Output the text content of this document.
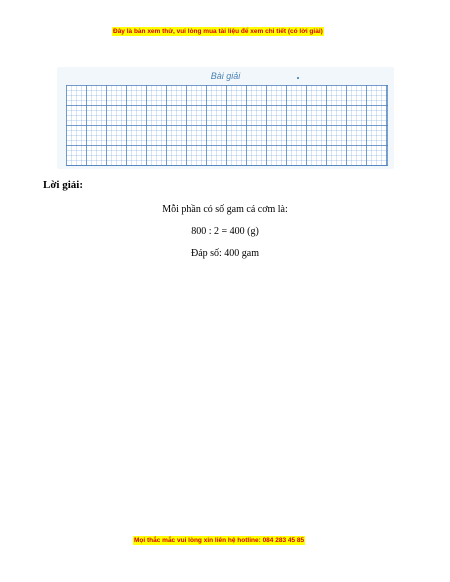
Đây là bản xem thử, vui lòng mua tài liệu để xem chi tiết (có lời giải)
Bài giải
Lời giải:
Mỗi phần có số gam cá cơm là:
800 : 2 = 400 (g)
Đáp số: 400 gam
Mọi thắc mắc vui lòng xin liên hệ hotline: 084 283 45 85
